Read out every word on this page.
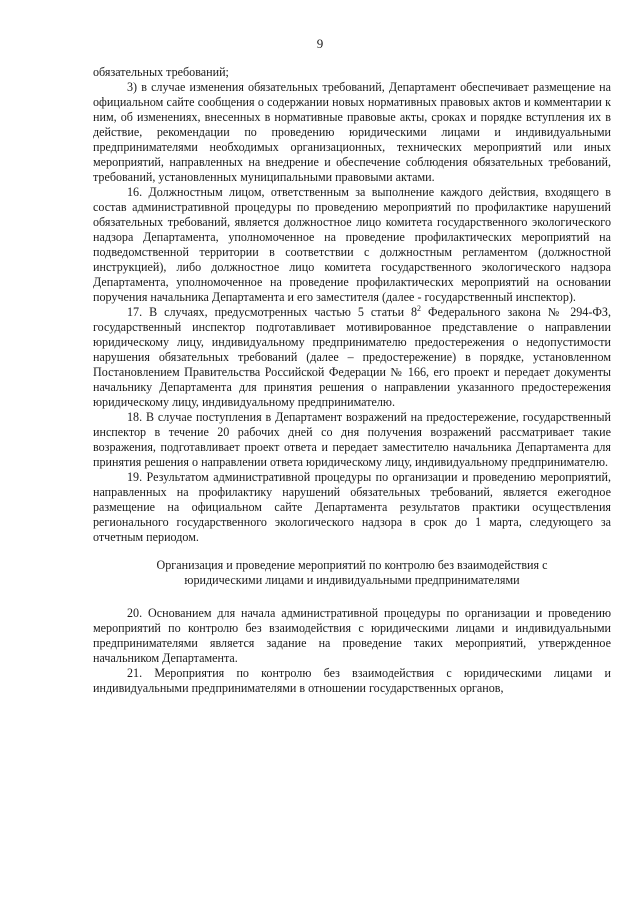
9

обязательных требований;

3) в случае изменения обязательных требований, Департамент обеспечивает размещение на официальном сайте сообщения о содержании новых нормативных правовых актов и комментарии к ним, об изменениях, внесенных в нормативные правовые акты, сроках и порядке вступления их в действие, рекомендации по проведению юридическими лицами и индивидуальными предпринимателями необходимых организационных, технических мероприятий или иных мероприятий, направленных на внедрение и обеспечение соблюдения обязательных требований, требований, установленных муниципальными правовыми актами.

16. Должностным лицом, ответственным за выполнение каждого действия, входящего в состав административной процедуры по проведению мероприятий по профилактике нарушений обязательных требований, является должностное лицо комитета государственного экологического надзора Департамента, уполномоченное на проведение профилактических мероприятий на подведомственной территории в соответствии с должностным регламентом (должностной инструкцией), либо должностное лицо комитета государственного экологического надзора Департамента, уполномоченное на проведение профилактических мероприятий на основании поручения начальника Департамента и его заместителя (далее - государственный инспектор).

17. В случаях, предусмотренных частью 5 статьи $8^2$ Федерального закона № 294-ФЗ, государственный инспектор подготавливает мотивированное представление о направлении юридическому лицу, индивидуальному предпринимателю предостережения о недопустимости нарушения обязательных требований (далее – предостережение) в порядке, установленном Постановлением Правительства Российской Федерации № 166, его проект и передает документы начальнику Департамента для принятия решения о направлении указанного предостережения юридическому лицу, индивидуальному предпринимателю.

18. В случае поступления в Департамент возражений на предостережение, государственный инспектор в течение 20 рабочих дней со дня получения возражений рассматривает такие возражения, подготавливает проект ответа и передает заместителю начальника Департамента для принятия решения о направлении ответа юридическому лицу, индивидуальному предпринимателю.

19. Результатом административной процедуры по организации и проведению мероприятий, направленных на профилактику нарушений обязательных требований, является ежегодное размещение на официальном сайте Департамента результатов практики осуществления регионального государственного экологического надзора в срок до 1 марта, следующего за отчетным периодом.

Организация и проведение мероприятий по контролю без взаимодействия с юридическими лицами и индивидуальными предпринимателями

20. Основанием для начала административной процедуры по организации и проведению мероприятий по контролю без взаимодействия с юридическими лицами и индивидуальными предпринимателями является задание на проведение таких мероприятий, утвержденное начальником Департамента.

21. Мероприятия по контролю без взаимодействия с юридическими лицами и индивидуальными предпринимателями в отношении государственных органов,
